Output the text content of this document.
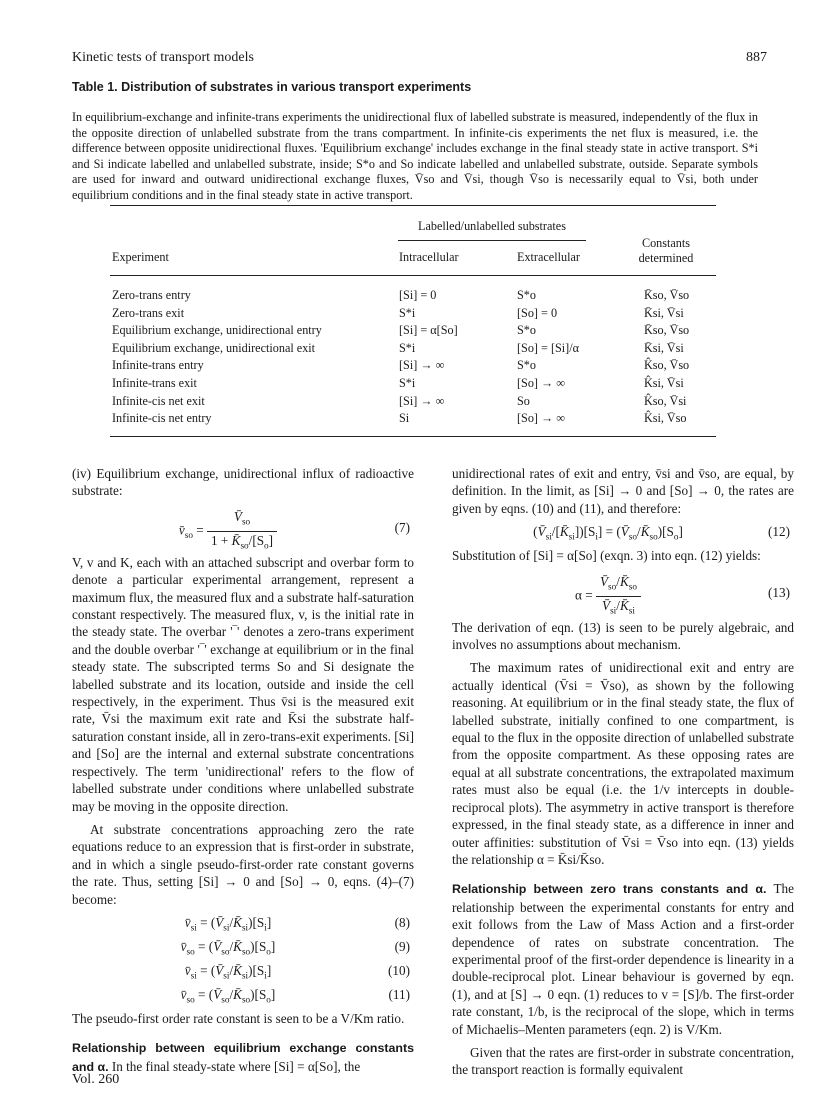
Kinetic tests of transport models	887
Table 1. Distribution of substrates in various transport experiments
In equilibrium-exchange and infinite-trans experiments the unidirectional flux of labelled substrate is measured, independently of the flux in the opposite direction of unlabelled substrate from the trans compartment. In infinite-cis experiments the net flux is measured, i.e. the difference between opposite unidirectional fluxes. 'Equilibrium exchange' includes exchange in the final steady state in active transport. S*i and Si indicate labelled and unlabelled substrate, inside; S*o and So indicate labelled and unlabelled substrate, outside. Separate symbols are used for inward and outward unidirectional exchange fluxes, V̄so and V̄si, though V̄so is necessarily equal to V̄si, both under equilibrium conditions and in the final steady state in active transport.
Labelled/unlabelled substrates
Experiment	Intracellular	Extracellular
Constants
determined
Zero-trans entry	[Si] = 0	S*o	K̄so, V̄so
Zero-trans exit	S*i	[So] = 0	K̄si, V̄si
Equilibrium exchange, unidirectional entry	[Si] = α[So]	S*o	K̄so, V̄so
Equilibrium exchange, unidirectional exit	S*i	[So] = [Si]/α	K̄si, V̄si
Infinite-trans entry	[Si] → ∞	S*o	K̂so, V̄so
Infinite-trans exit	S*i	[So] → ∞	K̂si, V̄si
Infinite-cis net exit	[Si] → ∞	So	K̂so, V̄si
Infinite-cis net entry	Si	[So] → ∞	K̂si, V̄so

(iv) Equilibrium exchange, unidirectional influx of radioactive substrate:

$v̄_{so} = \frac{V̄_{so}}{1 + K̄_{so}/[S_o]}$	(7)

V, v and K, each with an attached subscript and overbar form to denote a particular experimental arrangement, represent a maximum flux, the measured flux and a substrate half-saturation constant respectively. The measured flux, v, is the initial rate in the steady state. The overbar '‾' denotes a zero-trans experiment and the double overbar '‾' exchange at equilibrium or in the final steady state. The subscripted terms So and Si designate the labelled substrate and its location, outside and inside the cell respectively, in the experiment. Thus v̄si is the measured exit rate, V̄si the maximum exit rate and K̄si the substrate half-saturation constant inside, all in zero-trans-exit experiments. [Si] and [So] are the internal and external substrate concentrations respectively. The term 'unidirectional' refers to the flow of labelled substrate under conditions where unlabelled substrate may be moving in the opposite direction.

At substrate concentrations approaching zero the rate equations reduce to an expression that is first-order in substrate, and in which a single pseudo-first-order rate constant governs the rate. Thus, setting [Si] → 0 and [So] → 0, eqns. (4)–(7) become:

$v̄_{si}$ = $(V̄_{si}/K̄_{si})[S_i]$	(8)
$v̄_{so}$ = $(V̄_{so}/K̄_{so})[S_o]$	(9)
$v̄_{si}$ = $(V̄_{si}/K̄_{si})[S_i]$	(10)
$v̄_{so}$ = $(V̄_{so}/K̄_{so})[S_o]$	(11)

The pseudo-first order rate constant is seen to be a V/Km ratio.

Relationship between equilibrium exchange constants and α. In the final steady-state where [Si] = α[So], the

unidirectional rates of exit and entry, v̄si and v̄so, are equal, by definition. In the limit, as [Si] → 0 and [So] → 0, the rates are given by eqns. (10) and (11), and therefore:

$(V̄_{si}/[K̄_{si}])[S_i]$ = $(V̄_{so}/K̄_{so})[S_o]$	(12)

Substitution of [Si] = α[So] (exqn. 3) into eqn. (12) yields:

$\alpha = \frac{V̄_{so}/K̄_{so}}{V̄_{si}/K̄_{si}}$	(13)

The derivation of eqn. (13) is seen to be purely algebraic, and involves no assumptions about mechanism.

The maximum rates of unidirectional exit and entry are actually identical (V̄si = V̄so), as shown by the following reasoning. At equilibrium or in the final steady state, the flux of labelled substrate, initially confined to one compartment, is equal to the flux in the opposite direction of unlabelled substrate from the opposite compartment. As these opposing rates are equal at all substrate concentrations, the extrapolated maximum rates must also be equal (i.e. the 1/v intercepts in double-reciprocal plots). The asymmetry in active transport is therefore expressed, in the final steady state, as a difference in inner and outer affinities: substitution of V̄si = V̄so into eqn. (13) yields the relationship α = K̄si/K̄so.

Relationship between zero trans constants and α. The relationship between the experimental constants for entry and exit follows from the Law of Mass Action and a first-order dependence of rates on substrate concentration. The experimental proof of the first-order dependence is linearity in a double-reciprocal plot. Linear behaviour is governed by eqn. (1), and at [S] → 0 eqn. (1) reduces to v = [S]/b. The first-order rate constant, 1/b, is the reciprocal of the slope, which in terms of Michaelis–Menten parameters (eqn. 2) is V/Km.

Given that the rates are first-order in substrate concentration, the transport reaction is formally equivalent

Vol. 260
